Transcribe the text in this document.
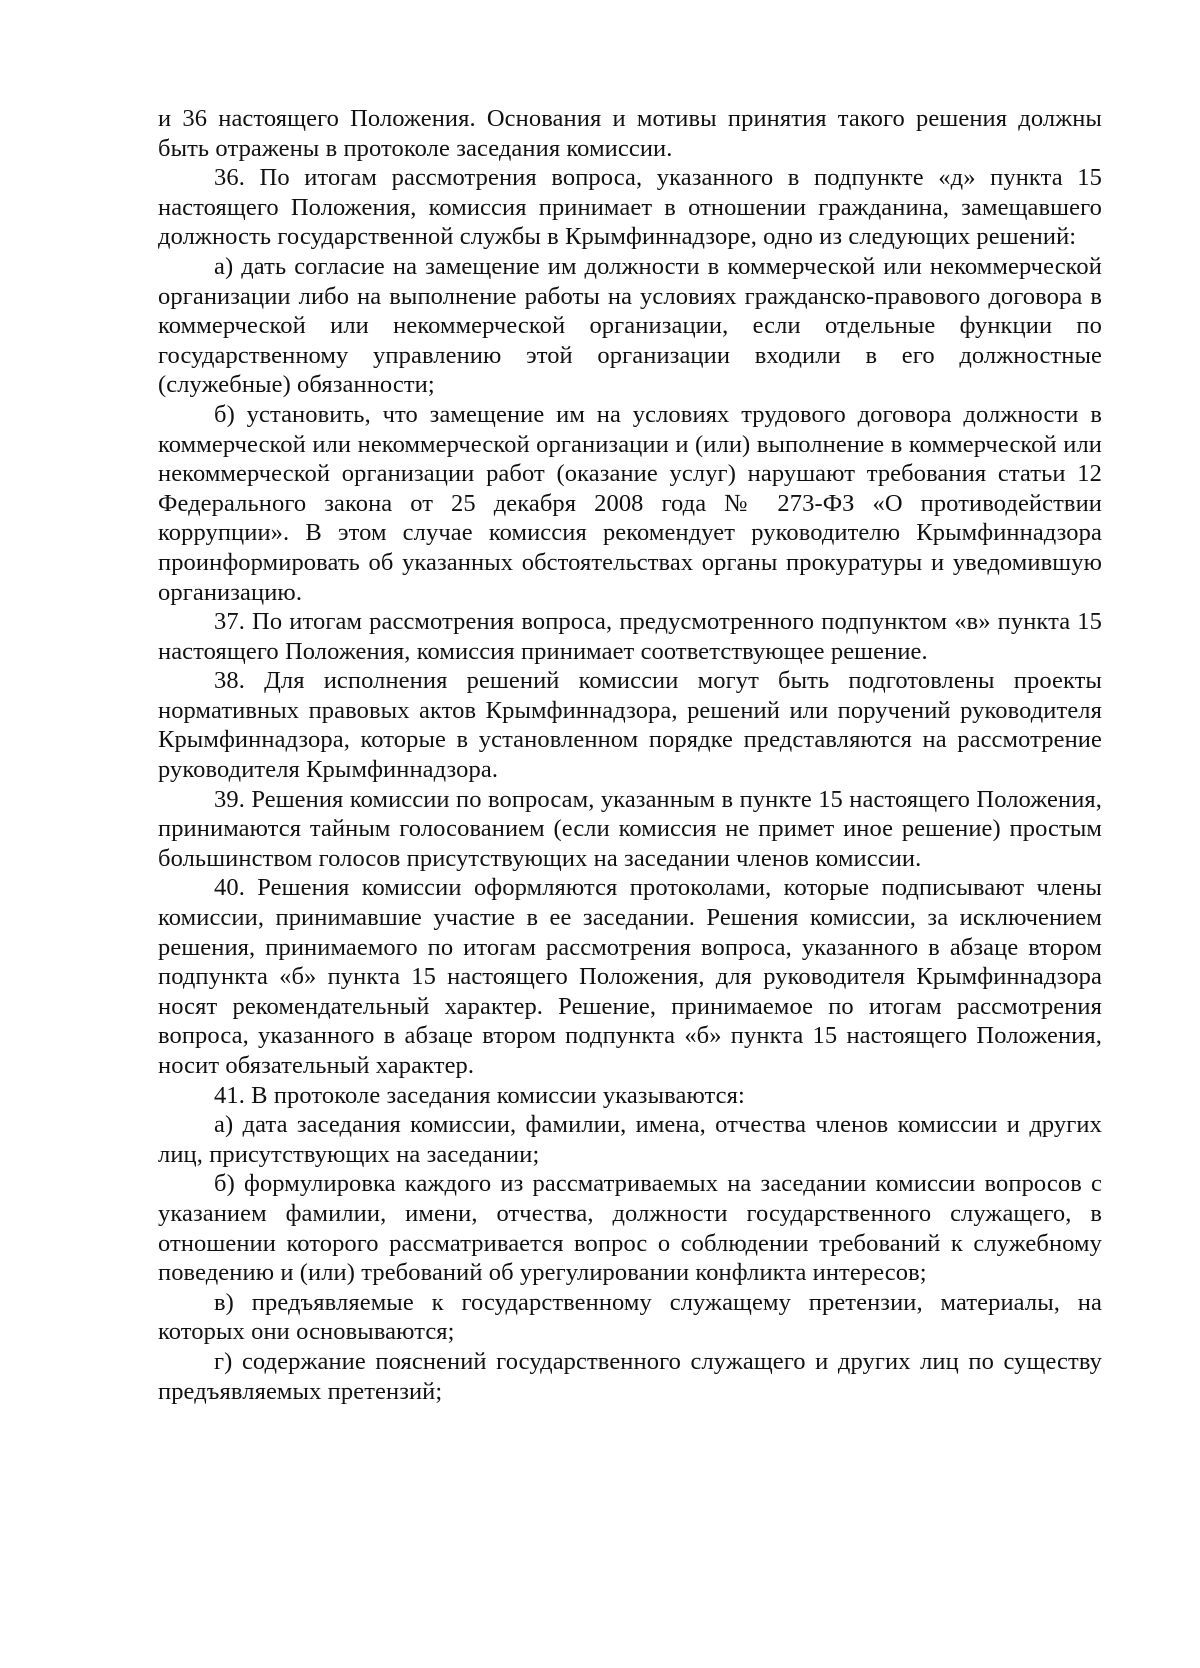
и 36 настоящего Положения. Основания и мотивы принятия такого решения должны быть отражены в протоколе заседания комиссии.

36. По итогам рассмотрения вопроса, указанного в подпункте «д» пункта 15 настоящего Положения, комиссия принимает в отношении гражданина, замещавшего должность государственной службы в Крымфиннадзоре, одно из следующих решений:

а) дать согласие на замещение им должности в коммерческой или некоммерческой организации либо на выполнение работы на условиях гражданско-правового договора в коммерческой или некоммерческой организации, если отдельные функции по государственному управлению этой организации входили в его должностные (служебные) обязанности;

б) установить, что замещение им на условиях трудового договора должности в коммерческой или некоммерческой организации и (или) выполнение в коммерческой или некоммерческой организации работ (оказание услуг) нарушают требования статьи 12 Федерального закона от 25 декабря 2008 года № 273-ФЗ «О противодействии коррупции». В этом случае комиссия рекомендует руководителю Крымфиннадзора проинформировать об указанных обстоятельствах органы прокуратуры и уведомившую организацию.

37. По итогам рассмотрения вопроса, предусмотренного подпунктом «в» пункта 15 настоящего Положения, комиссия принимает соответствующее решение.

38. Для исполнения решений комиссии могут быть подготовлены проекты нормативных правовых актов Крымфиннадзора, решений или поручений руководителя Крымфиннадзора, которые в установленном порядке представляются на рассмотрение руководителя Крымфиннадзора.

39. Решения комиссии по вопросам, указанным в пункте 15 настоящего Положения, принимаются тайным голосованием (если комиссия не примет иное решение) простым большинством голосов присутствующих на заседании членов комиссии.

40. Решения комиссии оформляются протоколами, которые подписывают члены комиссии, принимавшие участие в ее заседании. Решения комиссии, за исключением решения, принимаемого по итогам рассмотрения вопроса, указанного в абзаце втором подпункта «б» пункта 15 настоящего Положения, для руководителя Крымфиннадзора носят рекомендательный характер. Решение, принимаемое по итогам рассмотрения вопроса, указанного в абзаце втором подпункта «б» пункта 15 настоящего Положения, носит обязательный характер.

41. В протоколе заседания комиссии указываются:

а) дата заседания комиссии, фамилии, имена, отчества членов комиссии и других лиц, присутствующих на заседании;

б) формулировка каждого из рассматриваемых на заседании комиссии вопросов с указанием фамилии, имени, отчества, должности государственного служащего, в отношении которого рассматривается вопрос о соблюдении требований к служебному поведению и (или) требований об урегулировании конфликта интересов;

в) предъявляемые к государственному служащему претензии, материалы, на которых они основываются;

г) содержание пояснений государственного служащего и других лиц по существу предъявляемых претензий;
